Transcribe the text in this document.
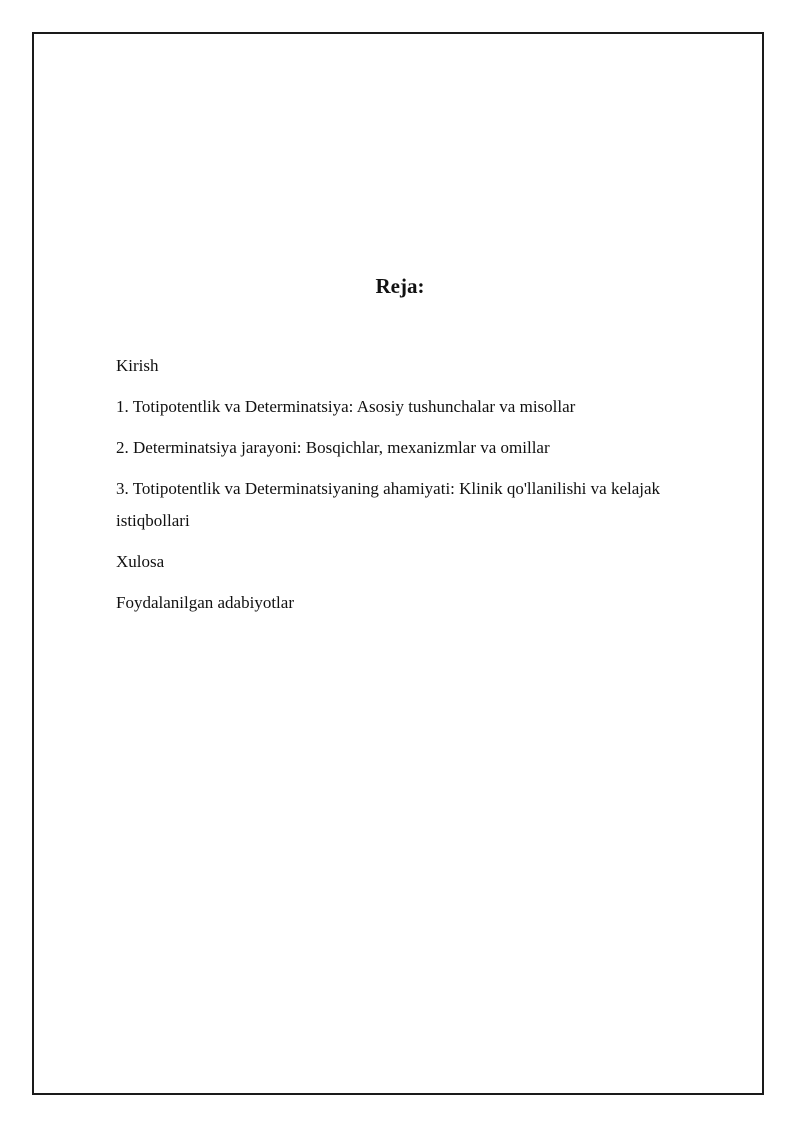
Reja:
Kirish
1. Totipotentlik va Determinatsiya: Asosiy tushunchalar va misollar
2. Determinatsiya jarayoni: Bosqichlar, mexanizmlar va omillar
3. Totipotentlik va Determinatsiyaning ahamiyati: Klinik qo'llanilishi va kelajak istiqbollari
Xulosa
Foydalanilgan adabiyotlar
